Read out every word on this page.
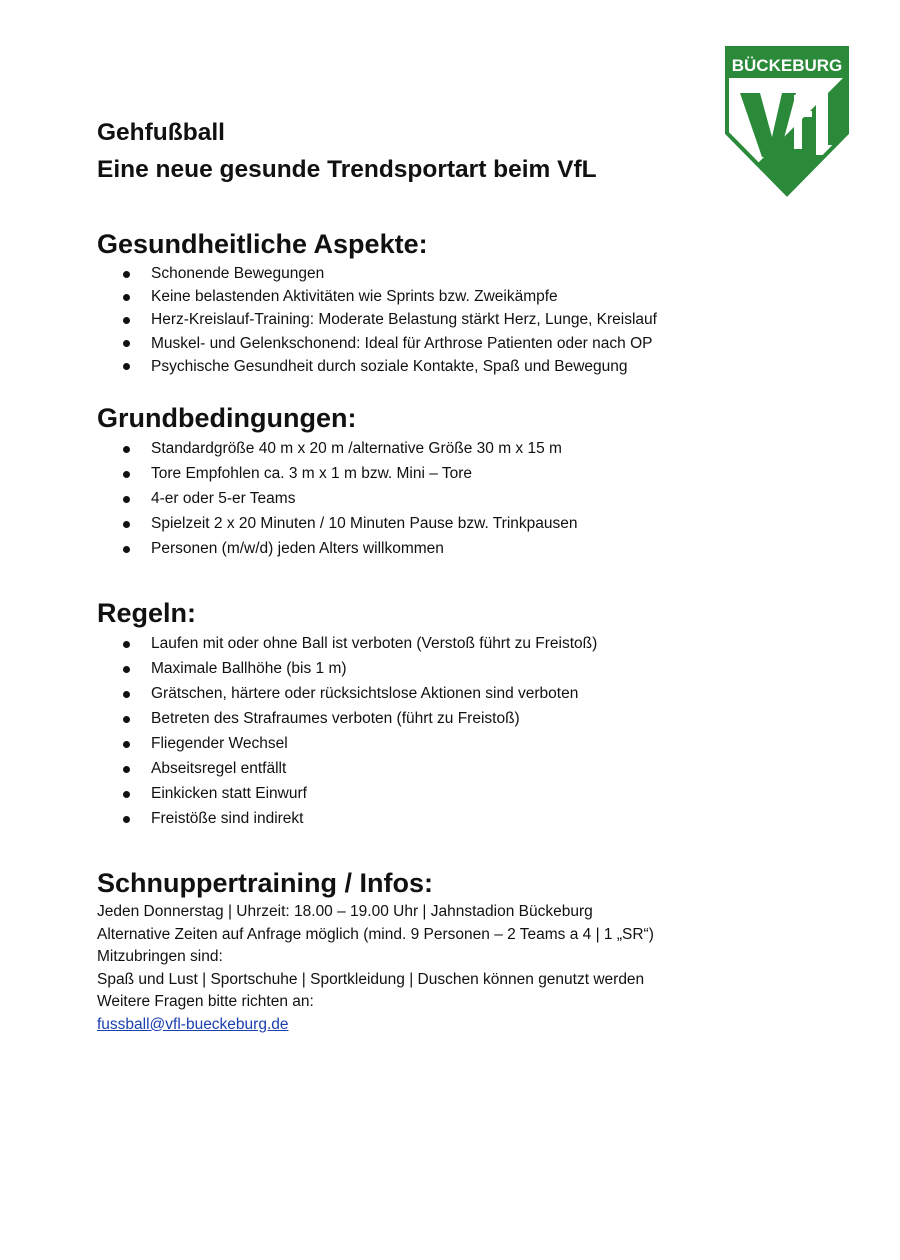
BÜCKEBURG
Gehfußball
Eine neue gesunde Trendsportart beim VfL
Gesundheitliche Aspekte:
Schonende Bewegungen
Keine belastenden Aktivitäten wie Sprints bzw. Zweikämpfe
Herz-Kreislauf-Training: Moderate Belastung stärkt Herz, Lunge, Kreislauf
Muskel- und Gelenkschonend: Ideal für Arthrose Patienten oder nach OP
Psychische Gesundheit durch soziale Kontakte, Spaß und Bewegung
Grundbedingungen:
Standardgröße 40 m x 20 m /alternative Größe 30 m x 15 m
Tore Empfohlen ca. 3 m x 1 m bzw. Mini – Tore
4-er oder 5-er Teams
Spielzeit 2 x 20 Minuten / 10 Minuten Pause bzw. Trinkpausen
Personen (m/w/d) jeden Alters willkommen
Regeln:
Laufen mit oder ohne Ball ist verboten (Verstoß führt zu Freistoß)
Maximale Ballhöhe (bis 1 m)
Grätschen, härtere oder rücksichtslose Aktionen sind verboten
Betreten des Strafraumes verboten (führt zu Freistoß)
Fliegender Wechsel
Abseitsregel entfällt
Einkicken statt Einwurf
Freistöße sind indirekt
Schnuppertraining / Infos:
Jeden Donnerstag | Uhrzeit: 18.00 – 19.00 Uhr | Jahnstadion Bückeburg
Alternative Zeiten auf Anfrage möglich (mind. 9 Personen – 2 Teams a 4 | 1 „SR“)
Mitzubringen sind:
Spaß und Lust | Sportschuhe | Sportkleidung | Duschen können genutzt werden
Weitere Fragen bitte richten an:
fussball@vfl-bueckeburg.de
